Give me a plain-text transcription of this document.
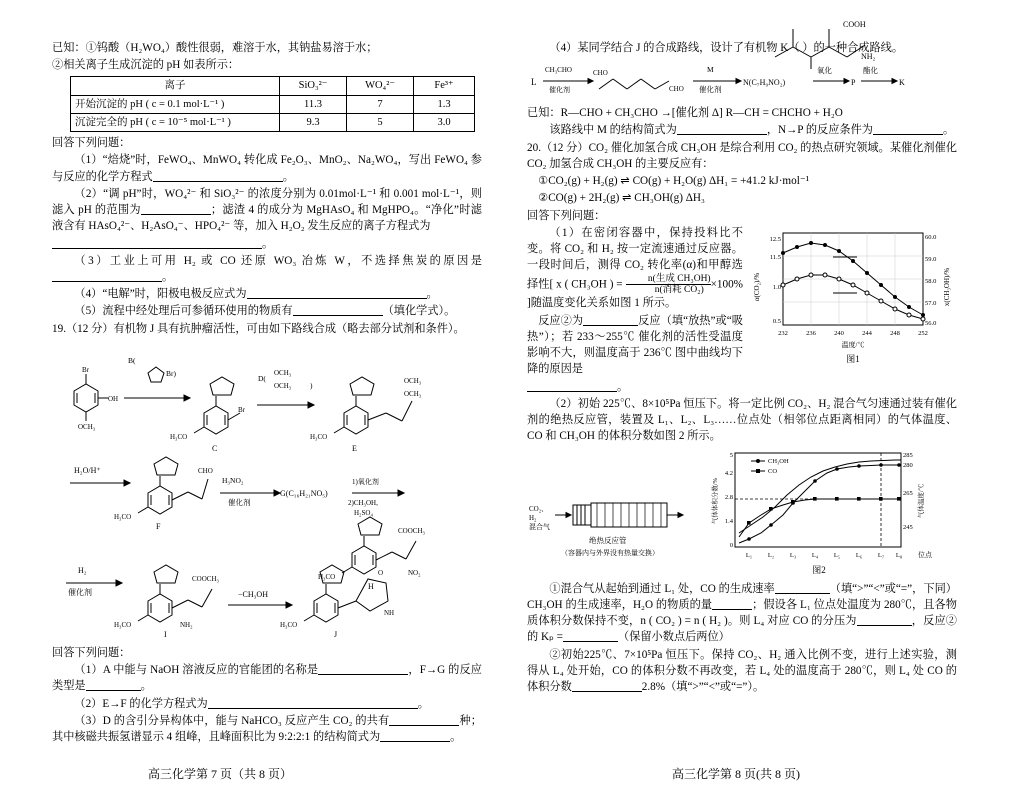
已知：①钨酸（H₂WO₄）酸性很弱，难溶于水，其钠盐易溶于水；

②相关离子生成沉淀的 pH 如表所示：

离子	SiO₃²⁻	WO₄²⁻	Fe³⁺
开始沉淀的 pH ( c = 0.1 mol·L⁻¹ )	11.3	7	1.3
沉淀完全的 pH ( c = 10⁻⁵ mol·L⁻¹ )	9.3	5	3.0

回答下列问题：

（1）“焙烧”时，FeWO₄、MnWO₄ 转化成 Fe₂O₃、MnO₂、Na₂WO₄，写出 FeWO₄ 参与反应的化学方程式	。

（2）“调 pH”时，WO₄²⁻ 和 SiO₃²⁻ 的浓度分别为 0.01mol·L⁻¹ 和 0.001 mol·L⁻¹，则滤入 pH 的范围为	；滤渣 4 的成分为 MgHAsO₄ 和 MgHPO₄。“净化”时滤液含有 HAsO₄²⁻、H₂AsO₄⁻、HPO₄²⁻ 等，加入 H₂O₂ 发生反应的离子方程式为

。

（3）工业上可用 H₂ 或 CO 还原 WO₃ 冶炼 W，不选择焦炭的原因是。

（4）“电解”时，阳极电极反应式为	。

（5）流程中经处理后可参循环使用的物质有	（填化学式）。

19.（12 分）有机物 J 具有抗肿瘤活性，可由如下路线合成（略去部分试剂和条件）。

Br
OH
OCH₃
B(
Br)
Br
H₃CO
C
D(
OCH₃
OCH₃	)	OCH₃
OCH₃
H₃CO
E
H₂O/H⁺	CHO
H₃CO
F
H₃NO₂
催化剂
G(C₁₆H₂₁NO₅)
1)氧化剂
2)CH₃OH,
H₂SO₄
COOCH₃
NO₂
H₃CO
H
H₂
催化剂
COOCH₃
NH₂
H₃CO
I
−CH₃OH
NH
O
H₃CO
J

回答下列问题：

（1）A 中能与 NaOH 溶液反应的官能团的名称是	，F→G 的反应类型是	。

（2）E→F 的化学方程式为	。

（3）D 的含引分异构体中，能与 NaHCO₃ 反应产生 CO₂ 的共有	种；其中核磁共振氢谱显示 4 组峰，且峰面积比为 9:2:2:1 的结构简式为	。

（4）某同学结合 J 的合成路线，设计了有机物 K（ ）的一种合成路线。

COOH
NH₂
L
CH₃CHO
催化剂
CHO
CHO
M
催化剂
N(C₇H₉NO₂)
氧化
P
酯化
K

已知：R—CHO + CH₃CHO →[催化剂 Δ] R—CH = CHCHO + H₂O

该路线中 M 的结构简式为	，N→P 的反应条件为	。

20.（12 分）CO₂ 催化加氢合成 CH₃OH 是综合利用 CO₂ 的热点研究领域。某催化剂催化 CO₂ 加氢合成 CH₃OH 的主要反应有：

①CO₂(g) + H₂(g) ⇌ CO(g) + H₂O(g) ΔH₁ = +41.2 kJ·mol⁻¹

②CO(g) + 2H₂(g) ⇌ CH₃OH(g) ΔH₃

回答下列问题：

12.5
11.5
1.0
0.5
60.0
59.0
58.0
57.0
56.0
232	236	240	244	248	252
温度/℃
α(CO₂)/%	x(CH₃OH)/%
图1

（1）在密闭容器中，保持投料比不变。将 CO₂ 和 H₂ 按一定流速通过反应器。一段时间后，测得 CO₂ 转化率(α)和甲醇选择性[ x ( CH₃OH ) =	n(生成 CH₃OH)
n(消耗 CO₂) ×100% ]随温度变化关系如图 1 所示。

反应②为	反应（填“放热”或“吸热”）；若 233～255℃ 催化剂的活性受温度影响不大，则温度高于 236℃ 图中曲线均下降的原因是

。

（2）初始 225℃、8×10⁵Pa 恒压下。将一定比例 CO₂、H₂ 混合气匀速通过装有催化剂的绝热反应管，装置及 L₁、L₂、L₃……位点处（相邻位点距离相同）的气体温度、CO 和 CH₃OH 的体积分数如图 2 所示。

CO₂、
H₂
混合气
绝热反应管
（容器内与外界没有热量交换）
5
4.2
2.8
1.4
0
285
280
265
245
L₁ L₂ L₃ L₄ L₅ L₆ L₇ L₈ 位点
气体体积分数/%	气体温度/℃
CH₃OH
CO
图2

①混合气从起始到通过 L₁ 处，CO 的生成速率	（填“>”“<”或“=”，下同）CH₃OH 的生成速率，H₂O 的物质的量	；假设各 L₁ 位点处温度为 280℃，且各物质体积分数保持不变，n ( CO₂ ) = n ( H₂ )。则 L₄ 对应 CO 的分压为	，反应②的 Kₚ =	（保留小数点后两位）

②初始225℃、7×10⁵Pa 恒压下。保持 CO₂、H₂ 通入比例不变，进行上述实验，测得从 L₄ 处开始，CO 的体积分数不再改变，若 L₄ 处的温度高于 280℃，则 L₄ 处 CO 的体积分数	2.8%（填“>”“<”或“=”）。

高三化学第 7 页（共 8 页）	高三化学第 8 页(共 8 页)
